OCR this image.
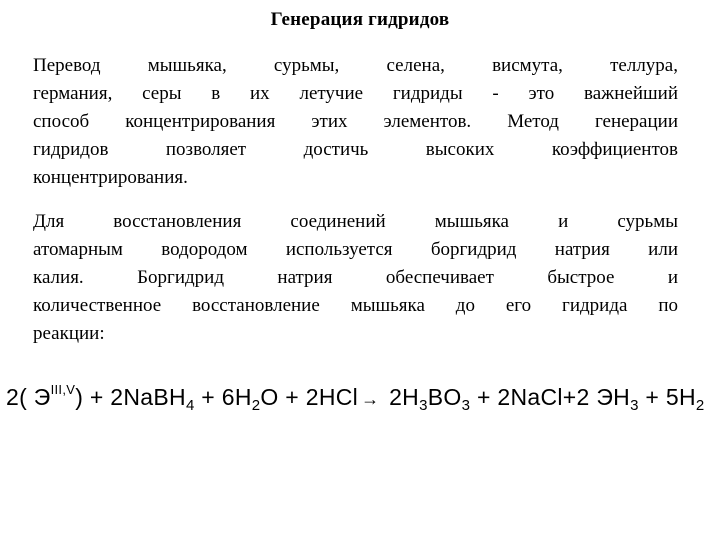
Генерация гидридов
Перевод мышьяка, сурьмы, селена, висмута, теллура,
германия, серы в их летучие гидриды - это важнейший
способ концентрирования этих элементов. Метод генерации
гидридов позволяет достичь высоких коэффициентов
концентрирования.
Для восстановления соединений мышьяка и сурьмы
атомарным водородом используется боргидрид натрия или
калия. Боргидрид натрия обеспечивает быстрое и
количественное восстановление мышьяка до его гидрида по
реакции:
2( $Э^{III,V}$) + 2NaBH$_4$ + $6H_2O + 2HCl \to 2H_3BO_3$ + 2NaCl+2 $ЭH_3 + 5H_2$
